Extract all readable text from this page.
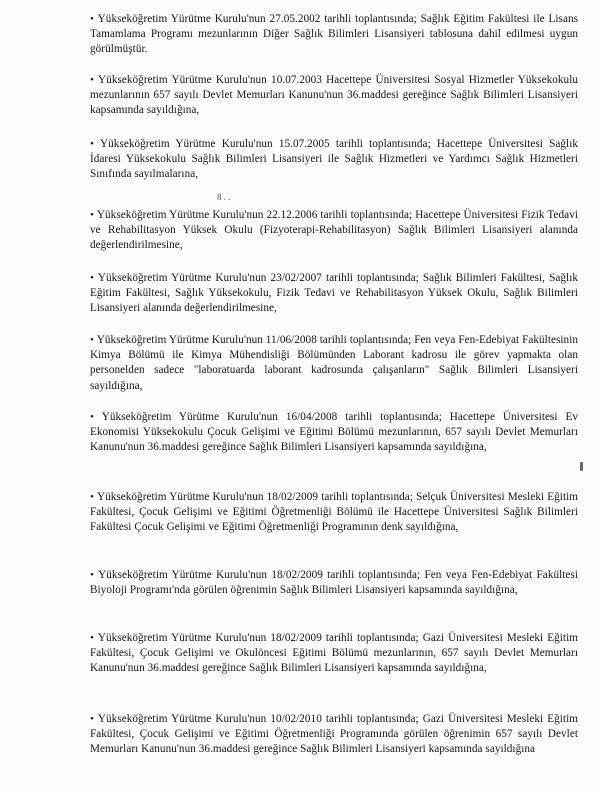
• Yükseköğretim Yürütme Kurulu'nun 27.05.2002 tarihli toplantısında; Sağlık Eğitim Fakültesi ile Lisans Tamamlama Programı mezunlarının Diğer Sağlık Bilimleri Lisansiyeri tablosuna dahil edilmesi uygun görülmüştür.

• Yükseköğretim Yürütme Kurulu'nun 10.07.2003 Hacettepe Üniversitesi Sosyal Hizmetler Yüksekokulu mezunlarının 657 sayılı Devlet Memurları Kanunu'nun 36.maddesi gereğince Sağlık Bilimleri Lisansiyeri kapsamında sayıldığına,

• Yükseköğretim Yürütme Kurulu'nun 15.07.2005 tarihli toplantısında; Hacettepe Üniversitesi Sağlık İdaresi Yüksekokulu Sağlık Bilimleri Lisansiyeri ile Sağlık Hizmetleri ve Yardımcı Sağlık Hizmetleri Sınıfında sayılmalarına,

8 . .

• Yükseköğretim Yürütme Kurulu'nun 22.12.2006 tarihli toplantısında; Hacettepe Üniversitesi Fizik Tedavi ve Rehabilitasyon Yüksek Okulu (Fizyoterapi-Rehabilitasyon) Sağlık Bilimleri Lisansiyeri alanında değerlendirilmesine,

• Yükseköğretim Yürütme Kurulu'nun 23/02/2007 tarihli toplantısında; Sağlık Bilimleri Fakültesi, Sağlık Eğitim Fakültesi, Sağlık Yüksekokulu, Fizik Tedavi ve Rehabilitasyon Yüksek Okulu, Sağlık Bilimleri Lisansiyeri alanında değerlendirilmesine,

• Yükseköğretim Yürütme Kurulu'nun 11/06/2008 tarihli toplantısında; Fen veya Fen-Edebiyat Fakültesinin Kimya Bölümü ile Kimya Mühendisliği Bölümünden Laborant kadrosu ile görev yapmakta olan personelden sadece "laboratuarda laborant kadrosunda çalışanların" Sağlık Bilimleri Lisansiyeri sayıldığına,

• Yükseköğretim Yürütme Kurulu'nun 16/04/2008 tarihli toplantısında; Hacettepe Üniversitesi Ev Ekonomisi Yüksekokulu Çocuk Gelişimi ve Eğitimi Bölümü mezunlarının, 657 sayılı Devlet Memurları Kanunu'nun 36.maddesi gereğince Sağlık Bilimleri Lisansiyeri kapsamında sayıldığına,

• Yükseköğretim Yürütme Kurulu'nun 18/02/2009 tarihli toplantısında; Selçuk Üniversitesi Mesleki Eğitim Fakültesi, Çocuk Gelişimi ve Eğitimi Öğretmenliği Bölümü ile Hacettepe Üniversitesi Sağlık Bilimleri Fakültesi Çocuk Gelişimi ve Eğitimi Öğretmenliği Programının denk sayıldığına,

• Yükseköğretim Yürütme Kurulu'nun 18/02/2009 tarihli toplantısında; Fen veya Fen-Edebiyat Fakültesi Biyoloji Programı'nda görülen öğrenimin Sağlık Bilimleri Lisansiyeri kapsamında sayıldığına,

• Yükseköğretim Yürütme Kurulu'nun 18/02/2009 tarihli toplantısında; Gazi Üniversitesi Mesleki Eğitim Fakültesi, Çocuk Gelişimi ve Okulöncesi Eğitimi Bölümü mezunlarının, 657 sayılı Devlet Memurları Kanunu'nun 36.maddesi gereğince Sağlık Bilimleri Lisansiyeri kapsamında sayıldığına,

• Yükseköğretim Yürütme Kurulu'nun 10/02/2010 tarihli toplantısında; Gazi Üniversitesi Mesleki Eğitim Fakültesi, Çocuk Gelişimi ve Eğitimi Öğretmenliği Programında görülen öğrenimin 657 sayılı Devlet Memurları Kanunu'nun 36.maddesi gereğince Sağlık Bilimleri Lisansiyeri kapsamında sayıldığına
